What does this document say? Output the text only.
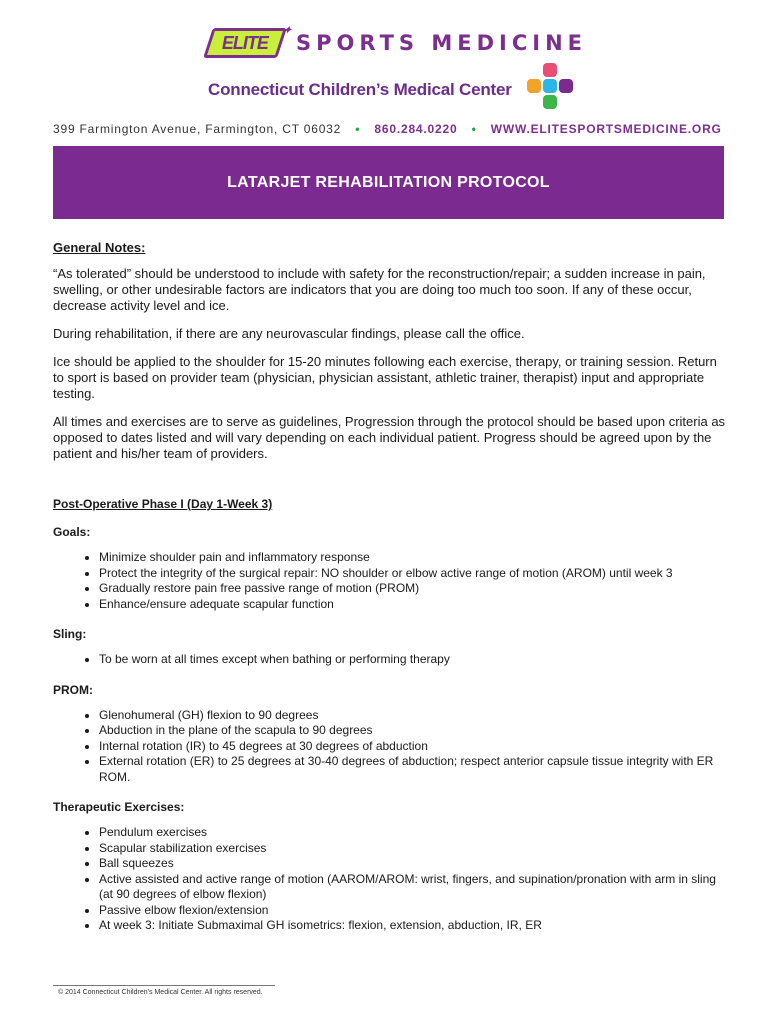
ELITE
✦
SPORTS MEDICINE
Connecticut Children’s Medical Center
399 Farmington Avenue, Farmington, CT 06032 • 860.284.0220 • WWW.ELITESPORTSMEDICINE.ORG
LATARJET REHABILITATION PROTOCOL
General Notes:

“As tolerated” should be understood to include with safety for the reconstruction/repair; a sudden increase in pain, swelling, or other undesirable factors are indicators that you are doing too much too soon. If any of these occur, decrease activity level and ice.

During rehabilitation, if there are any neurovascular findings, please call the office.

Ice should be applied to the shoulder for 15-20 minutes following each exercise, therapy, or training session. Return to sport is based on provider team (physician, physician assistant, athletic trainer, therapist) input and appropriate testing.

All times and exercises are to serve as guidelines, Progression through the protocol should be based upon criteria as opposed to dates listed and will vary depending on each individual patient. Progress should be agreed upon by the patient and his/her team of providers.

Post-Operative Phase I (Day 1-Week 3)
Goals:
• Minimize shoulder pain and inflammatory response
• Protect the integrity of the surgical repair: NO shoulder or elbow active range of motion (AROM) until week 3
• Gradually restore pain free passive range of motion (PROM)
• Enhance/ensure adequate scapular function
Sling:
• To be worn at all times except when bathing or performing therapy
PROM:
• Glenohumeral (GH) flexion to 90 degrees
• Abduction in the plane of the scapula to 90 degrees
• Internal rotation (IR) to 45 degrees at 30 degrees of abduction
• External rotation (ER) to 25 degrees at 30-40 degrees of abduction; respect anterior capsule tissue integrity with ER ROM.
Therapeutic Exercises:
• Pendulum exercises
• Scapular stabilization exercises
• Ball squeezes
• Active assisted and active range of motion (AAROM/AROM: wrist, fingers, and supination/pronation with arm in sling (at 90 degrees of elbow flexion)
• Passive elbow flexion/extension
• At week 3: Initiate Submaximal GH isometrics: flexion, extension, abduction, IR, ER
© 2014 Connecticut Children’s Medical Center. All rights reserved.
